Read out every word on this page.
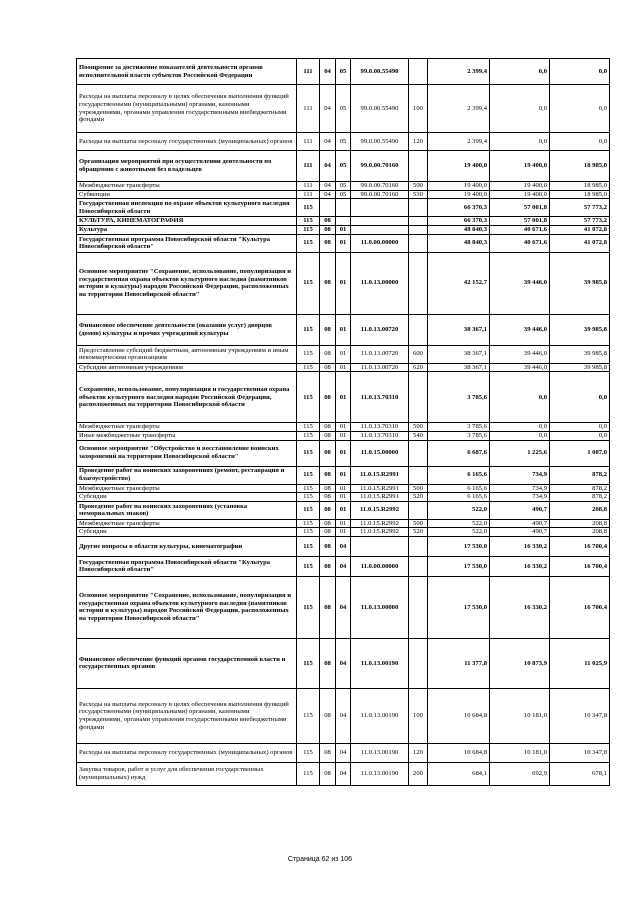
Поощрение за достижение показателей деятельности органов исполнительной власти субъектов Российской Федерации	111	04	05	99.0.00.55490		2 399,4	0,0	0,0
Расходы на выплаты персоналу в целях обеспечения выполнения функций государственными (муниципальными) органами, казенными учреждениями, органами управления государственными внебюджетными фондами	111	04	05	99.0.00.55490	100	2 399,4	0,0	0,0
Расходы на выплаты персоналу государственных (муниципальных) органов	111	04	05	99.0.00.55490	120	2 399,4	0,0	0,0
Организация мероприятий при осуществлении деятельности по обращению с животными без владельцев	111	04	05	99.0.00.70160		19 400,0	19 400,0	18 985,0
Межбюджетные трансферты	111	04	05	99.0.00.70160	500	19 400,0	19 400,0	18 985,0
Субвенции	111	04	05	99.0.00.70160	530	19 400,0	19 400,0	18 985,0
Государственная инспекция по охране объектов культурного наследия Новосибирской области	115					66 370,3	57 001,8	57 773,2
КУЛЬТУРА, КИНЕМАТОГРАФИЯ	115	08				66 370,3	57 001,8	57 773,2
Культура	115	08	01			48 840,3	40 671,6	41 072,8
Государственная программа Новосибирской области "Культура Новосибирской области"	115	08	01	11.0.00.00000		48 840,3	40 671,6	41 072,8
Основное мероприятие "Сохранение, использование, популяризация и государственная охрана объектов культурного наследия (памятников истории и культуры) народов Российской Федерации, расположенных на территории Новосибирской области"	115	08	01	11.0.13.00000		42 152,7	39 446,0	39 985,8
Финансовое обеспечение деятельности (оказания услуг) дворцов (домов) культуры и прочих учреждений культуры	115	08	01	11.0.13.00720		38 367,1	39 446,0	39 985,8
Предоставление субсидий бюджетным, автономным учреждениям и иным некоммерческим организациям	115	08	01	11.0.13.00720	600	38 367,1	39 446,0	39 985,8
Субсидии автономным учреждениям	115	08	01	11.0.13.00720	620	38 367,1	39 446,0	39 985,8
Сохранение, использование, популяризация и государственная охрана объектов культурного наследия народов Российской Федерации, расположенных на территории Новосибирской области	115	08	01	11.0.13.70310		3 785,6	0,0	0,0
Межбюджетные трансферты	115	08	01	11.0.13.70310	500	3 785,6	0,0	0,0
Иные межбюджетные трансферты	115	08	01	11.0.13.70310	540	3 785,6	0,0	0,0
Основное мероприятие "Обустройство и восстановление воинских захоронений на территории Новосибирской области"	115	08	01	11.0.15.00000		6 687,6	1 225,6	1 087,0
Проведение работ на воинских захоронениях (ремонт, реставрация и благоустройство)	115	08	01	11.0.15.R2991		6 165,6	734,9	878,2
Межбюджетные трансферты	115	08	01	11.0.15.R2991	500	6 165,6	734,9	878,2
Субсидии	115	08	01	11.0.15.R2991	520	6 165,6	734,9	878,2
Проведение работ на воинских захоронениях (установка мемориальных знаков)	115	08	01	11.0.15.R2992		522,0	490,7	208,8
Межбюджетные трансферты	115	08	01	11.0.15.R2992	500	522,0	490,7	208,8
Субсидии	115	08	01	11.0.15.R2992	520	522,0	490,7	208,8
Другие вопросы в области культуры, кинематографии	115	08	04			17 530,0	16 330,2	16 700,4
Государственная программа Новосибирской области "Культура Новосибирской области"	115	08	04	11.0.00.00000		17 530,0	16 330,2	16 700,4
Основное мероприятие "Сохранение, использование, популяризация и государственная охрана объектов культурного наследия (памятников истории и культуры) народов Российской Федерации, расположенных на территории Новосибирской области"	115	08	04	11.0.13.00000		17 530,0	16 330,2	16 700,4
Финансовое обеспечение функций органов государственной власти и государственных органов	115	08	04	11.0.13.00190		11 377,8	10 873,9	11 025,9
Расходы на выплаты персоналу в целях обеспечения выполнения функций государственными (муниципальными) органами, казенными учреждениями, органами управления государственными внебюджетными фондами	115	08	04	11.0.13.00190	100	10 684,8	10 181,0	10 347,8
Расходы на выплаты персоналу государственных (муниципальных) органов	115	08	04	11.0.13.00190	120	10 684,8	10 181,0	10 347,8
Закупка товаров, работ и услуг для обеспечения государственных (муниципальных) нужд	115	08	04	11.0.13.00190	200	684,1	692,9	678,1
Страница 62 из 106
